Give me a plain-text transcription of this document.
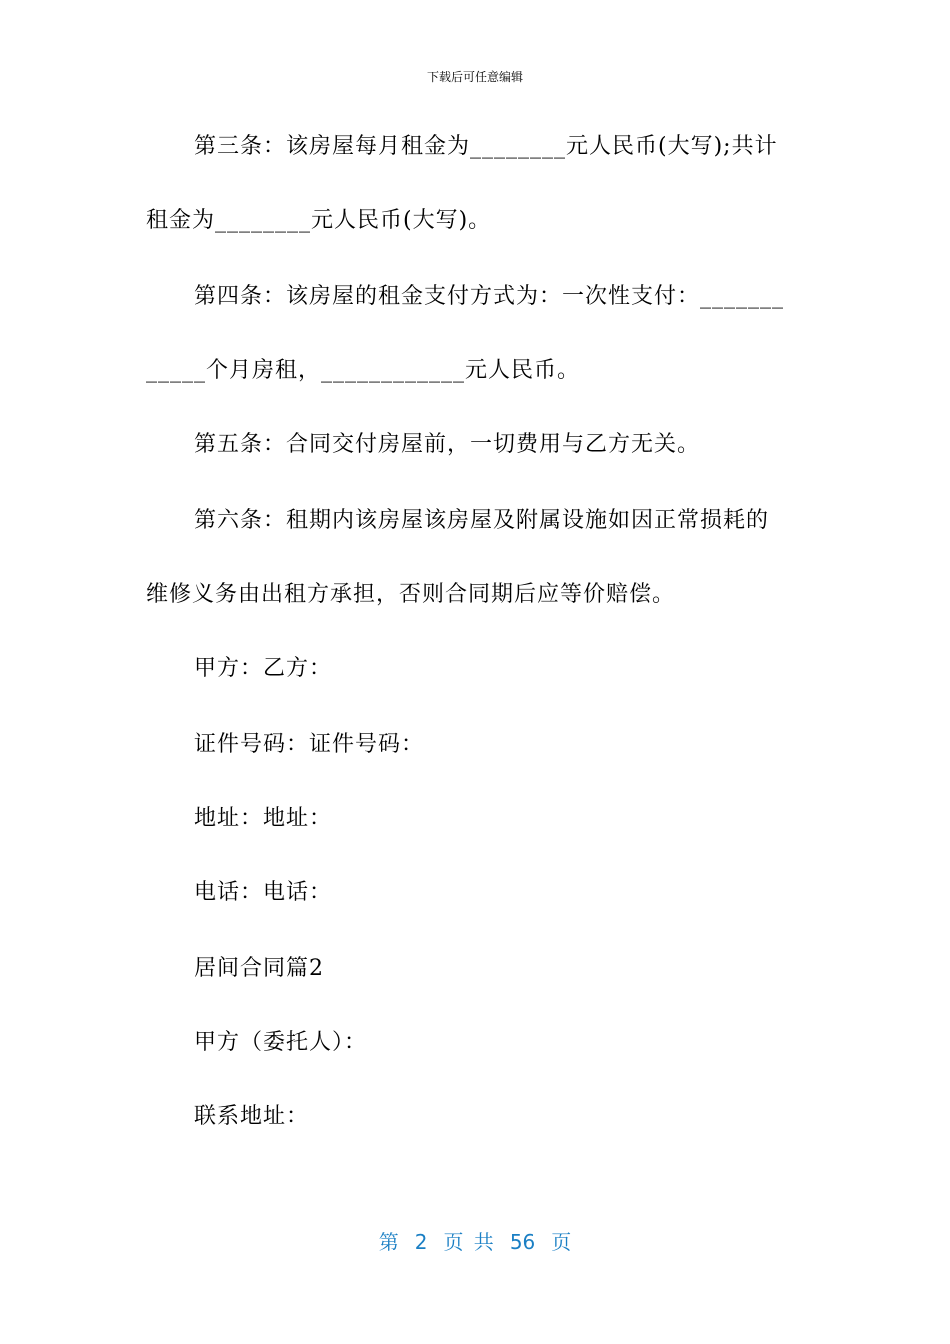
下载后可任意编辑
第三条：该房屋每月租金为________元人民币(大写);共计
租金为________元人民币(大写)。
第四条：该房屋的租金支付方式为：一次性支付：_______
_____个月房租，____________元人民币。
第五条：合同交付房屋前，一切费用与乙方无关。
第六条：租期内该房屋该房屋及附属设施如因正常损耗的
维修义务由出租方承担，否则合同期后应等价赔偿。
甲方：乙方：
证件号码：证件号码：
地址：地址：
电话：电话：
居间合同篇2
甲方（委托人）：
联系地址：
第 2 页 共 56 页
